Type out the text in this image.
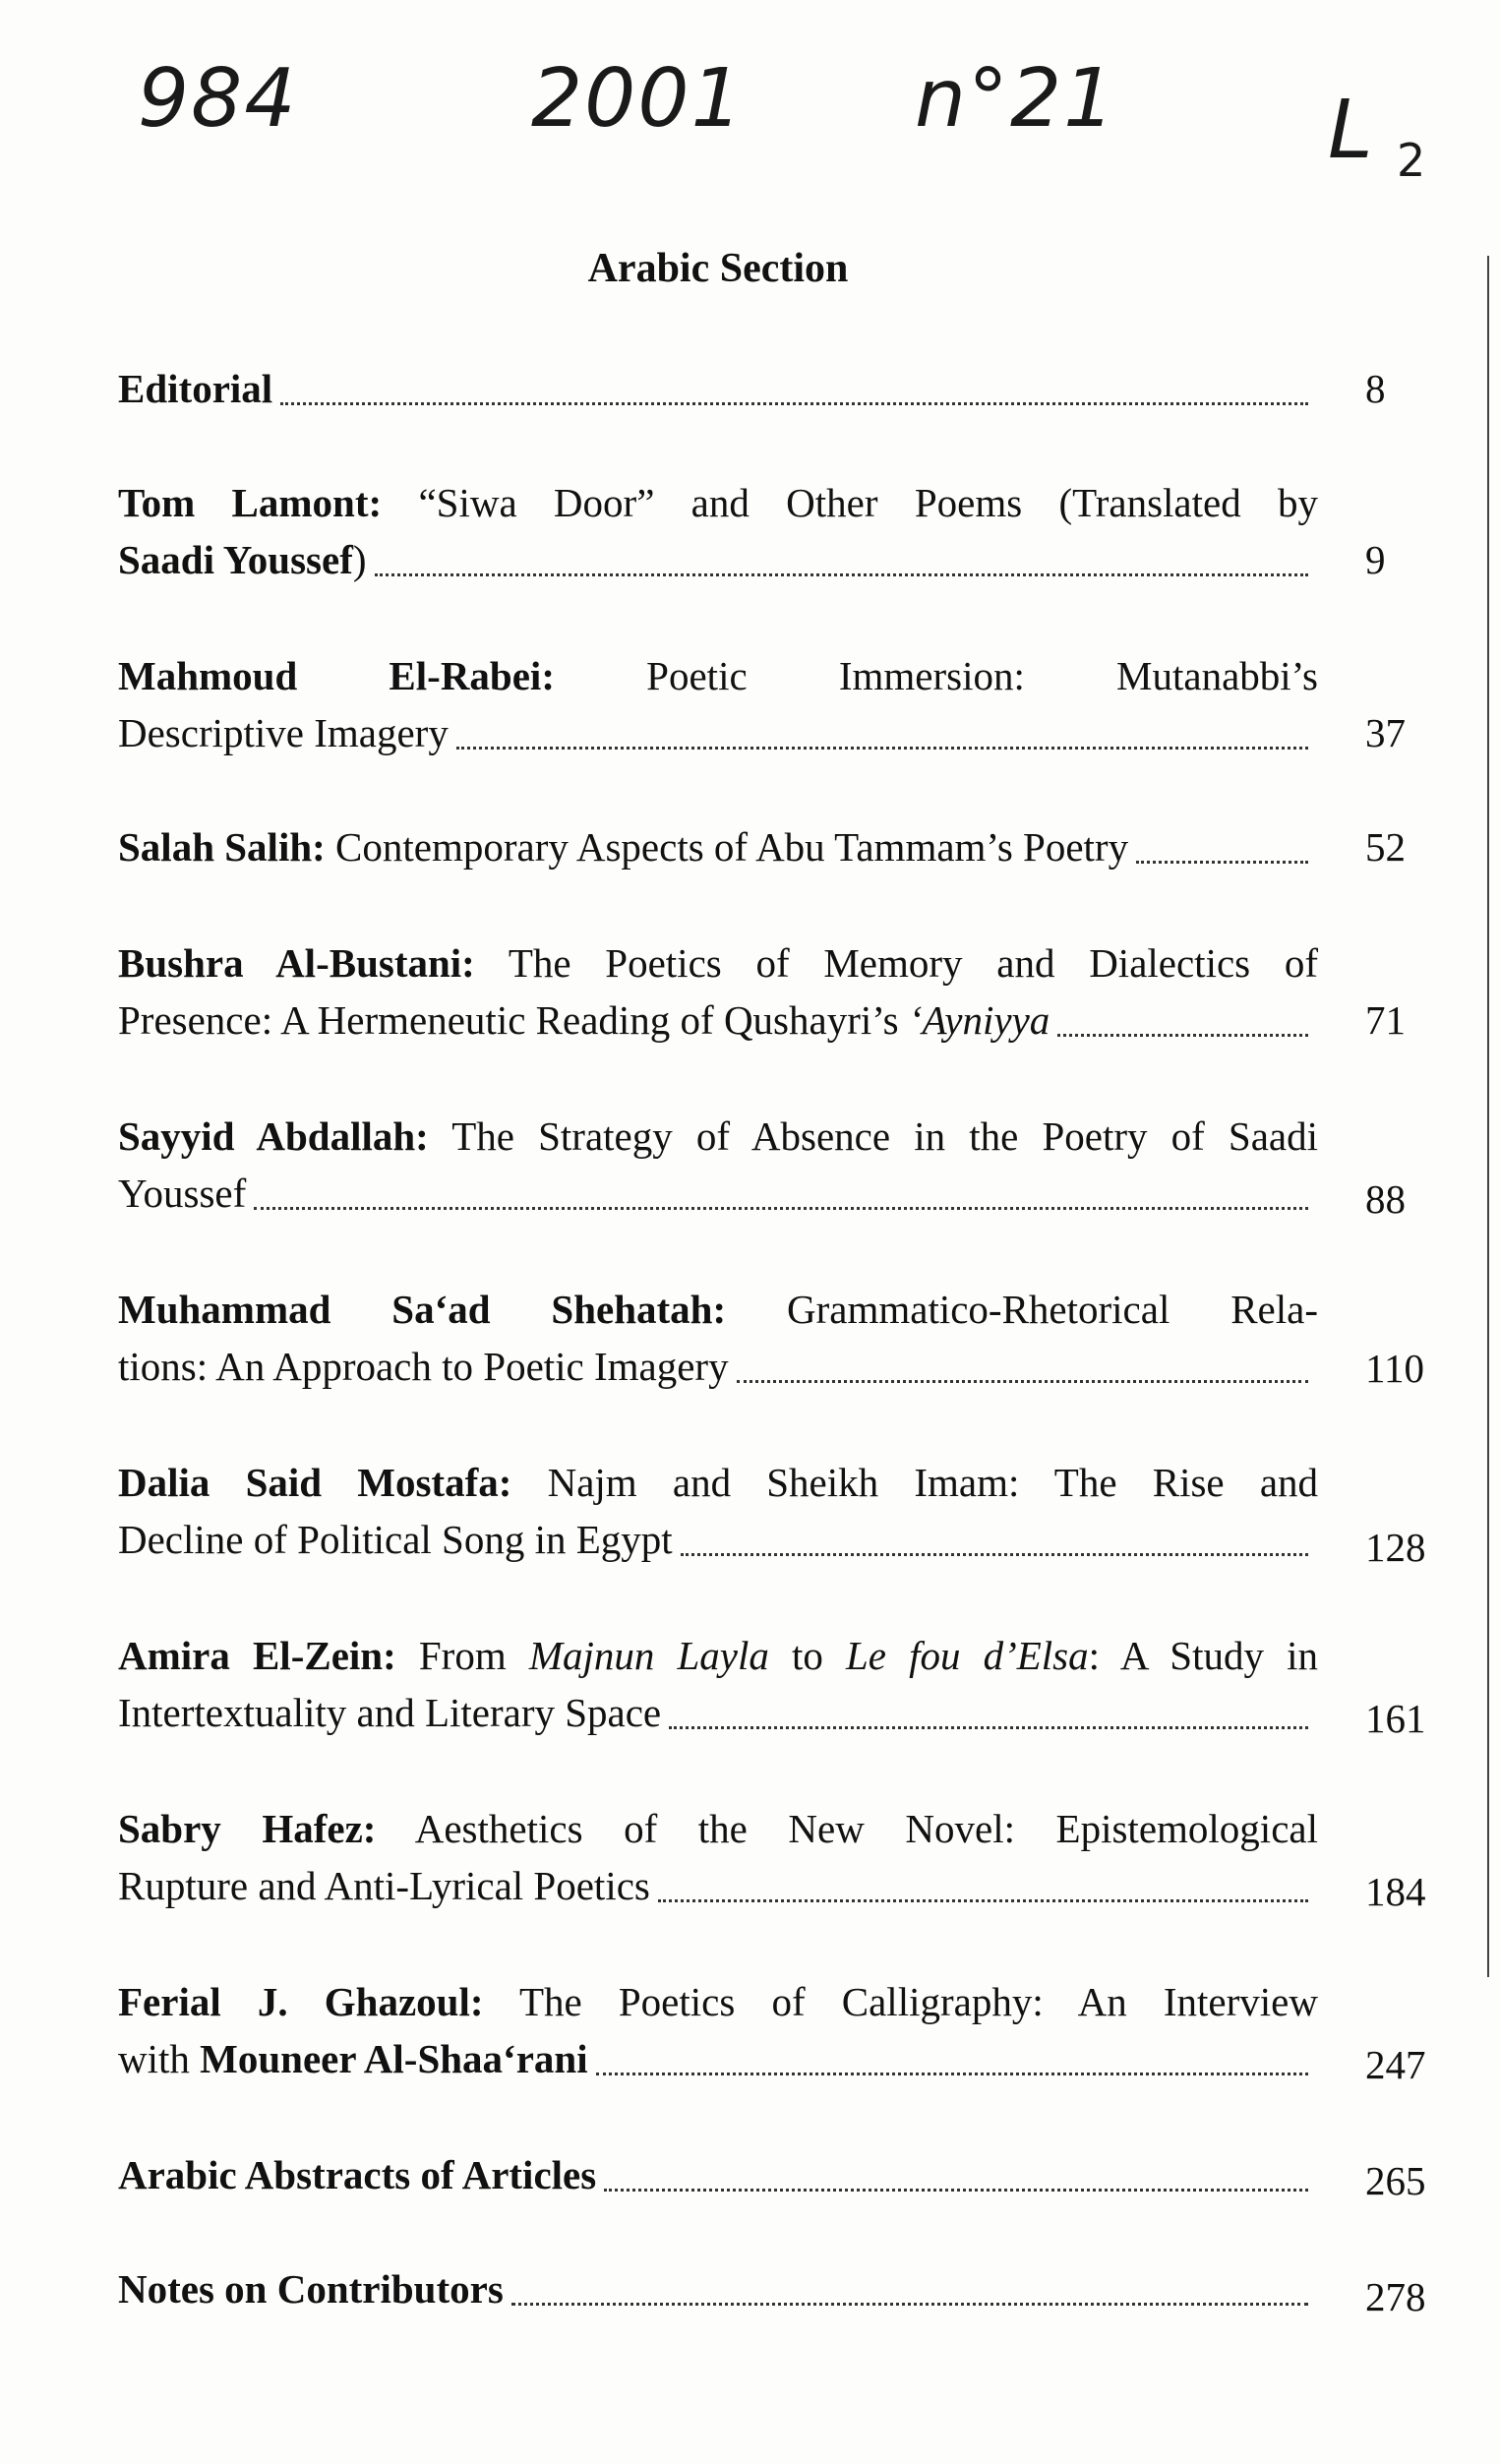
984	2001 n°21	L 2
Arabic Section
Editorial	8
Tom Lamont: “Siwa Door” and Other Poems (Translated by
Saadi Youssef)	9
Mahmoud El-Rabei: Poetic Immersion: Mutanabbi’s
Descriptive Imagery	37
Salah Salih: Contemporary Aspects of Abu Tammam’s Poetry	52
Bushra Al-Bustani: The Poetics of Memory and Dialectics of
Presence: A Hermeneutic Reading of Qushayri’s ‘Ayniyya	71
Sayyid Abdallah: The Strategy of Absence in the Poetry of Saadi
Youssef	88
Muhammad Sa‘ad Shehatah: Grammatico-Rhetorical Rela-
tions: An Approach to Poetic Imagery	110
Dalia Said Mostafa: Najm and Sheikh Imam: The Rise and
Decline of Political Song in Egypt	128
Amira El-Zein: From Majnun Layla to Le fou d’Elsa: A Study in
Intertextuality and Literary Space	161
Sabry Hafez: Aesthetics of the New Novel: Epistemological
Rupture and Anti-Lyrical Poetics	184
Ferial J. Ghazoul: The Poetics of Calligraphy: An Interview
with Mouneer Al-Shaa‘rani	247
Arabic Abstracts of Articles	265
Notes on Contributors	278
